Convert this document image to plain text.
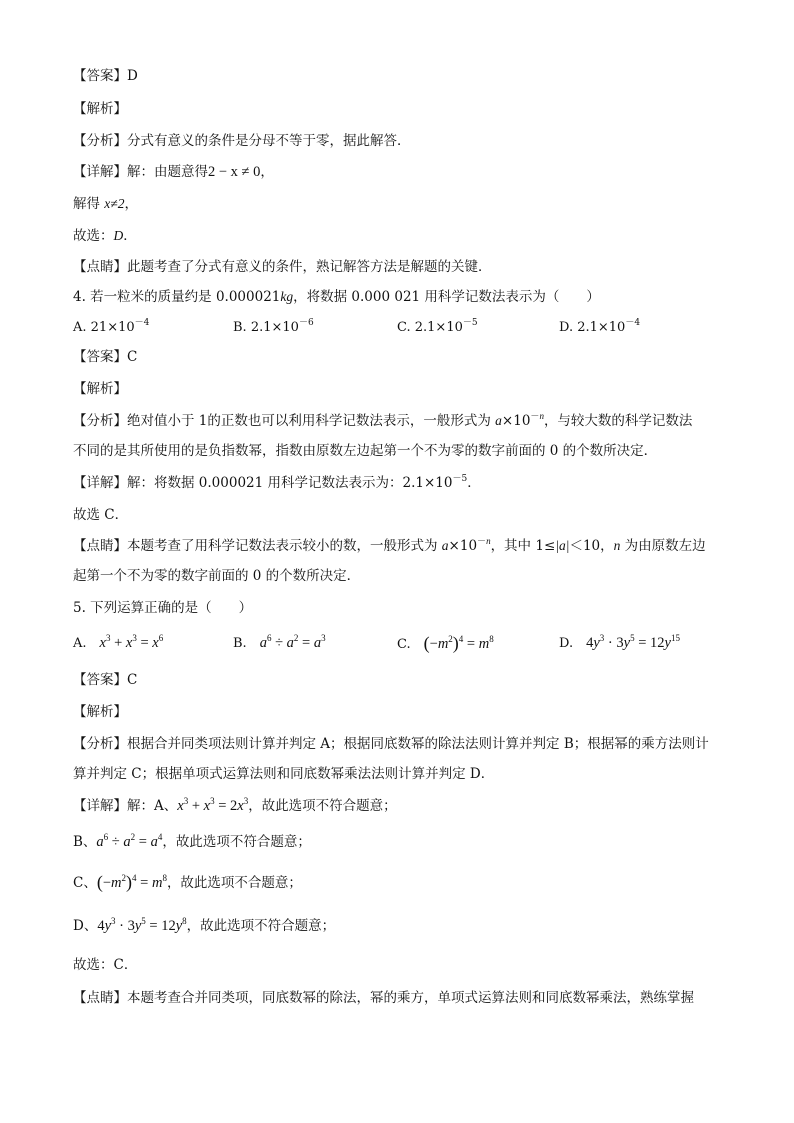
【答案】D
【解析】
【分析】分式有意义的条件是分母不等于零，据此解答．
【详解】解：由题意得2 − x ≠ 0，
解得 x≠2，
故选：D．
【点睛】此题考查了分式有意义的条件，熟记解答方法是解题的关键．
4. 若一粒米的质量约是 0.000021kg，将数据 0.000 021 用科学记数法表示为（　　）
A. $21\times 10^{-4}$	B. $2.1\times 10^{-6}$	C. $2.1\times 10^{-5}$	D. $2.1\times 10^{-4}$
【答案】C
【解析】
【分析】绝对值小于 1的正数也可以利用科学记数法表示，一般形式为 $a\times 10^{-n}$，与较大数的科学记数法
不同的是其所使用的是负指数幂，指数由原数左边起第一个不为零的数字前面的 0 的个数所决定．
【详解】解：将数据 0.000021 用科学记数法表示为：$2.1\times 10^{-5}$．
故选 C．
【点睛】本题考查了用科学记数法表示较小的数，一般形式为 $a\times 10^{-n}$，其中 1≤|a|＜10，n 为由原数左边
起第一个不为零的数字前面的 0 的个数所决定．
5. 下列运算正确的是（　　）
A.　$x^3 + x^3 = x^6$	B.　$a^6 \div a^2 = a^3$	C.　$(-m^2)^4 = m^8$	D.　$4y^3 \cdot 3y^5 = 12y^{15}$
【答案】C
【解析】
【分析】根据合并同类项法则计算并判定 A；根据同底数幂的除法法则计算并判定 B；根据幂的乘方法则计
算并判定 C；根据单项式运算法则和同底数幂乘法法则计算并判定 D．
【详解】解：A、$x^3 + x^3 = 2x^3$，故此选项不符合题意；
B、$a^6 \div a^2 = a^4$，故此选项不符合题意；
C、$(-m^2)^4 = m^8$，故此选项不合题意；
D、$4y^3 \cdot 3y^5 = 12y^8$，故此选项不符合题意；
故选：C．
【点睛】本题考查合并同类项，同底数幂的除法，幂的乘方，单项式运算法则和同底数幂乘法，熟练掌握
